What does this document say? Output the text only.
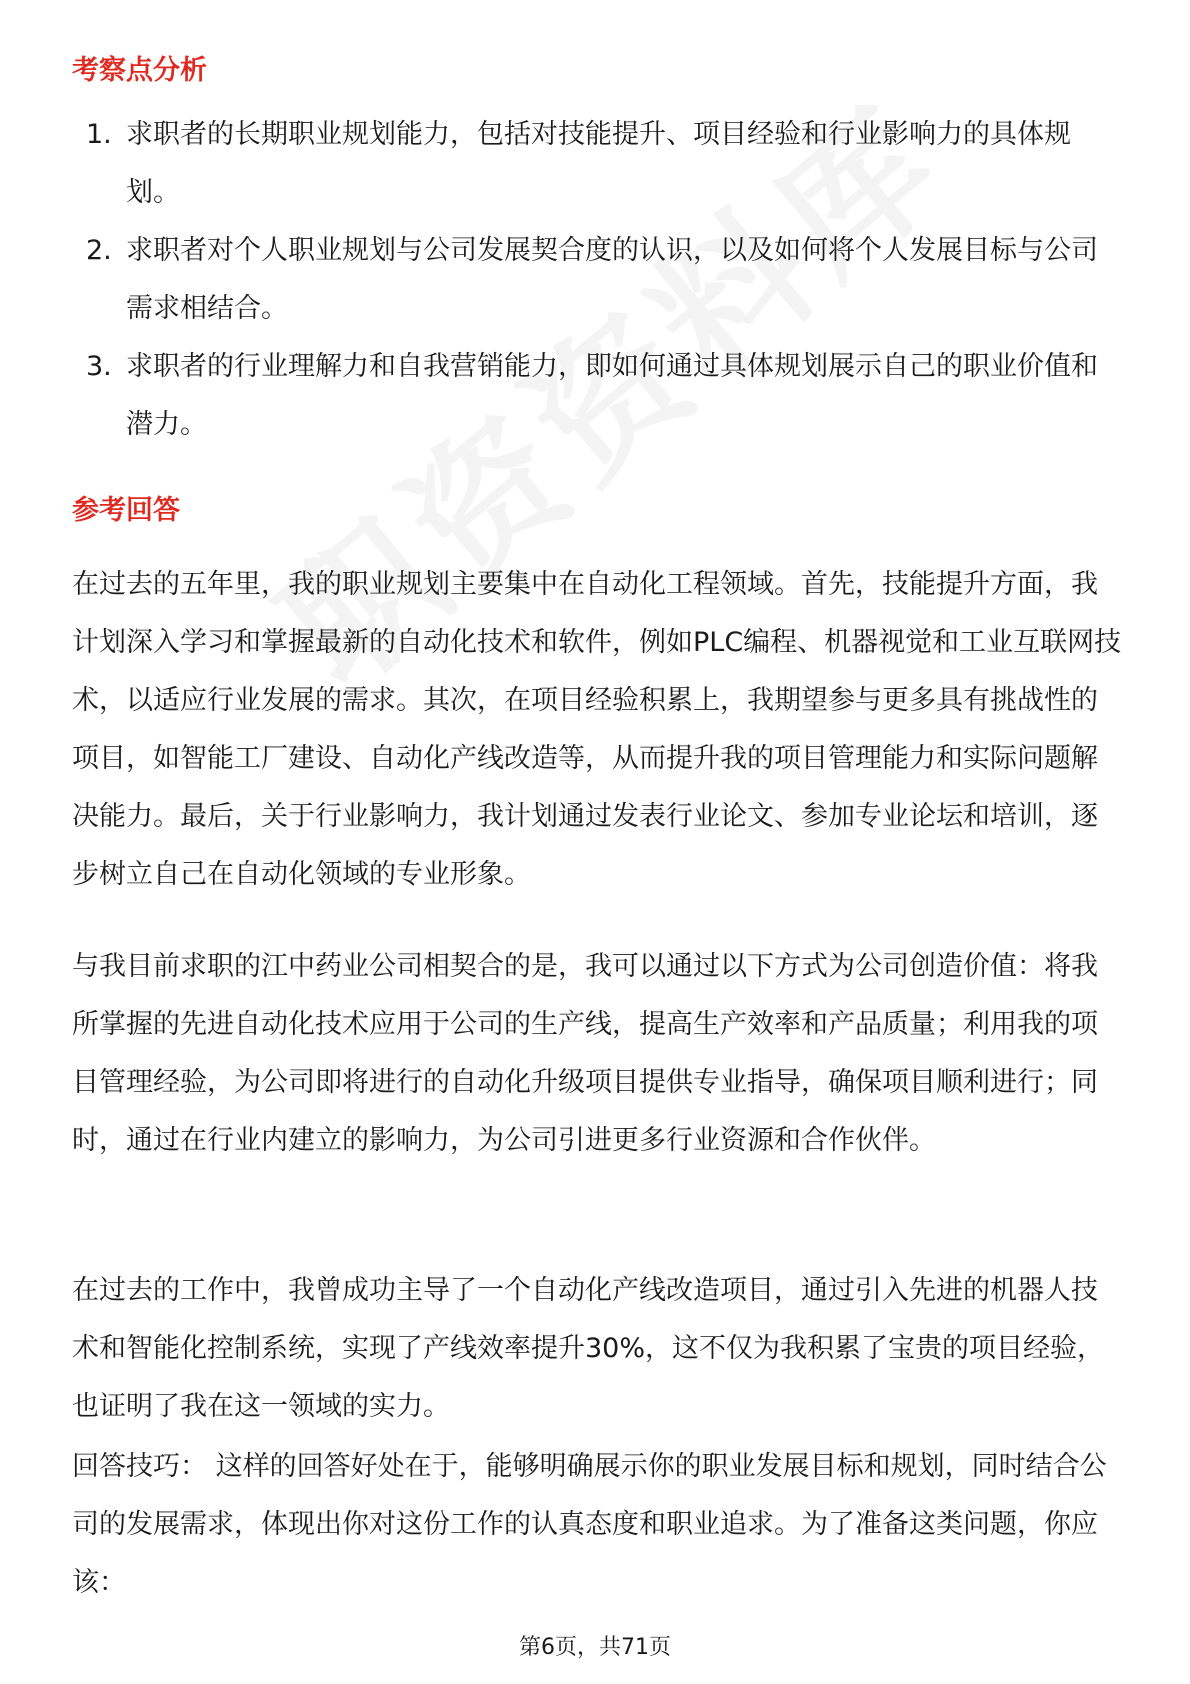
考察点分析
1. 求职者的长期职业规划能力，包括对技能提升、项目经验和行业影响力的具体规划。
2. 求职者对个人职业规划与公司发展契合度的认识，以及如何将个人发展目标与公司需求相结合。
3. 求职者的行业理解力和自我营销能力，即如何通过具体规划展示自己的职业价值和潜力。
参考回答

在过去的五年里，我的职业规划主要集中在自动化工程领域。首先，技能提升方面，我计划深入学习和掌握最新的自动化技术和软件，例如PLC编程、机器视觉和工业互联网技术，以适应行业发展的需求。其次，在项目经验积累上，我期望参与更多具有挑战性的项目，如智能工厂建设、自动化产线改造等，从而提升我的项目管理能力和实际问题解决能力。最后，关于行业影响力，我计划通过发表行业论文、参加专业论坛和培训，逐步树立自己在自动化领域的专业形象。

与我目前求职的江中药业公司相契合的是，我可以通过以下方式为公司创造价值：将我所掌握的先进自动化技术应用于公司的生产线，提高生产效率和产品质量；利用我的项目管理经验，为公司即将进行的自动化升级项目提供专业指导，确保项目顺利进行；同时，通过在行业内建立的影响力，为公司引进更多行业资源和合作伙伴。

在过去的工作中，我曾成功主导了一个自动化产线改造项目，通过引入先进的机器人技术和智能化控制系统，实现了产线效率提升30%，这不仅为我积累了宝贵的项目经验，也证明了我在这一领域的实力。

回答技巧： 这样的回答好处在于，能够明确展示你的职业发展目标和规划，同时结合公司的发展需求，体现出你对这份工作的认真态度和职业追求。为了准备这类问题，你应该：

第6页，共71页
